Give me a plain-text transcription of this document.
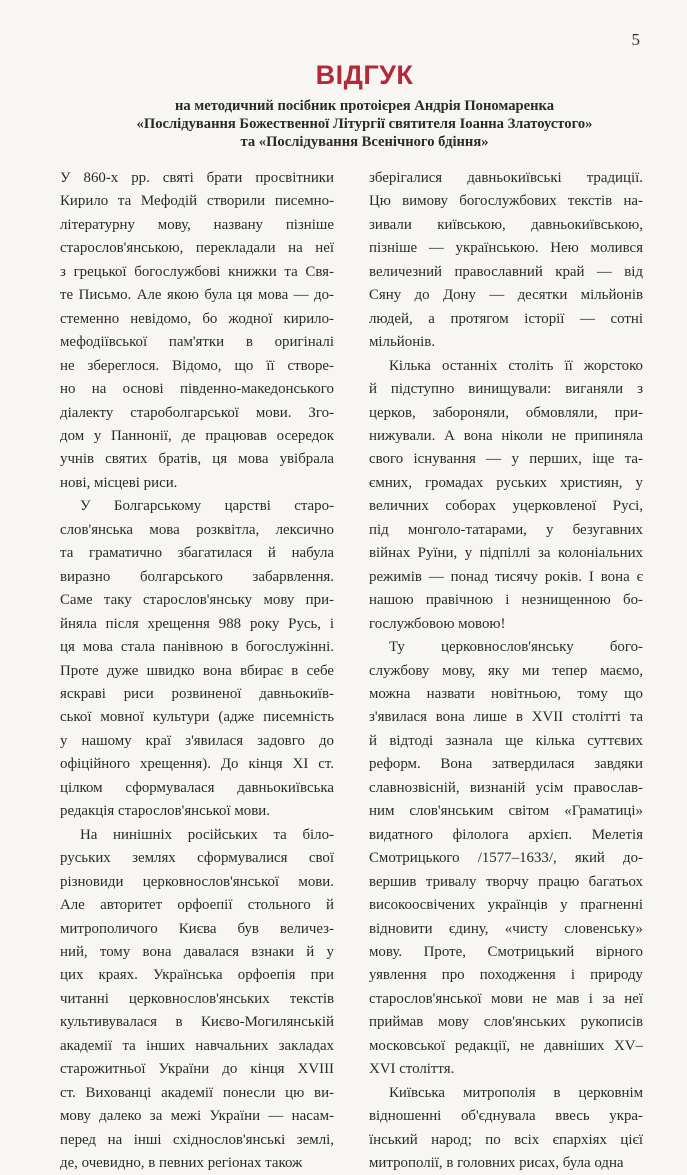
5
ВІДГУК
на методичний посібник протоієрея Андрія Пономаренка
«Послідування Божественної Літургії святителя Іоанна Златоустого»
та «Послідування Всенічного бдіння»

У 860-х рр. святі брати просвітники
Кирило та Мефодій створили писемно-
літературну мову, названу пізніше
старослов'янською, перекладали на неї
з грецької богослужбові книжки та Свя-
те Письмо. Але якою була ця мова — до-
стеменно невідомо, бо жодної кирило-
мефодіївської пам'ятки в оригіналі
не збереглося. Відомо, що її створе-
но на основі південно-македонського
діалекту староболгарської мови. Зго-
дом у Паннонії, де працював осередок
учнів святих братів, ця мова увібрала
нові, місцеві риси.

У Болгарському царстві старо-
слов'янська мова розквітла, лексично
та граматично збагатилася й набула
виразно болгарського забарвлення.
Саме таку старослов'янську мову при-
йняла після хрещення 988 року Русь, і
ця мова стала панівною в богослужінні.
Проте дуже швидко вона вбирає в себе
яскраві риси розвиненої давньокиїв-
ської мовної культури (адже писемність
у нашому краї з'явилася задовго до
офіційного хрещення). До кінця XI ст.
цілком сформувалася давньокиївська
редакція старослов'янської мови.

На нинішніх російських та біло-
руських землях сформувалися свої
різновиди церковнослов'янської мови.
Але авторитет орфоепії стольного й
митрополичого Києва був величез-
ний, тому вона давалася взнаки й у
цих краях. Українська орфоепія при
читанні церковнослов'янських текстів
культивувалася в Києво-Могилянській
академії та інших навчальних закладах
старожитньої України до кінця XVIII
ст. Вихованці академії понесли цю ви-
мову далеко за межі України — насам-
перед на інші східнослов'янські землі,
де, очевидно, в певних регіонах також

зберігалися давньокиївські традиції.
Цю вимову богослужбових текстів на-
зивали київською, давньокиївською,
пізніше — українською. Нею молився
величезний православний край — від
Сяну до Дону — десятки мільйонів
людей, а протягом історії — сотні
мільйонів.

Кілька останніх століть її жорстоко
й підступно винищували: виганяли з
церков, забороняли, обмовляли, при-
нижували. А вона ніколи не припиняла
свого існування — у перших, іще та-
ємних, громадах руських християн, у
величних соборах уцерковленої Русі,
під монголо-татарами, у безугавних
війнах Руїни, у підпіллі за колоніальних
режимів — понад тисячу років. І вона є
нашою правічною і незнищенною бо-
гослужбовою мовою!

Ту церковнослов'янську бого-
службову мову, яку ми тепер маємо,
можна назвати новітньою, тому що
з'явилася вона лише в XVII столітті та
й відтоді зазнала ще кілька суттєвих
реформ. Вона затвердилася завдяки
славнозвісній, визнаній усім православ-
ним слов'янським світом «Граматиці»
видатного філолога архієп. Мелетія
Смотрицького /1577–1633/, який до-
вершив тривалу творчу працю багатьох
високоосвічених українців у прагненні
відновити єдину, «чисту словенську»
мову. Проте, Смотрицький вірного
уявлення про походження і природу
старослов'янської мови не мав і за неї
приймав мову слов'янських рукописів
московської редакції, не давніших XV–
XVI століття.

Київська митрополія в церковнім
відношенні об'єднувала ввесь укра-
їнський народ; по всіх єпархіях цієї
митрополії, в головних рисах, була одна
